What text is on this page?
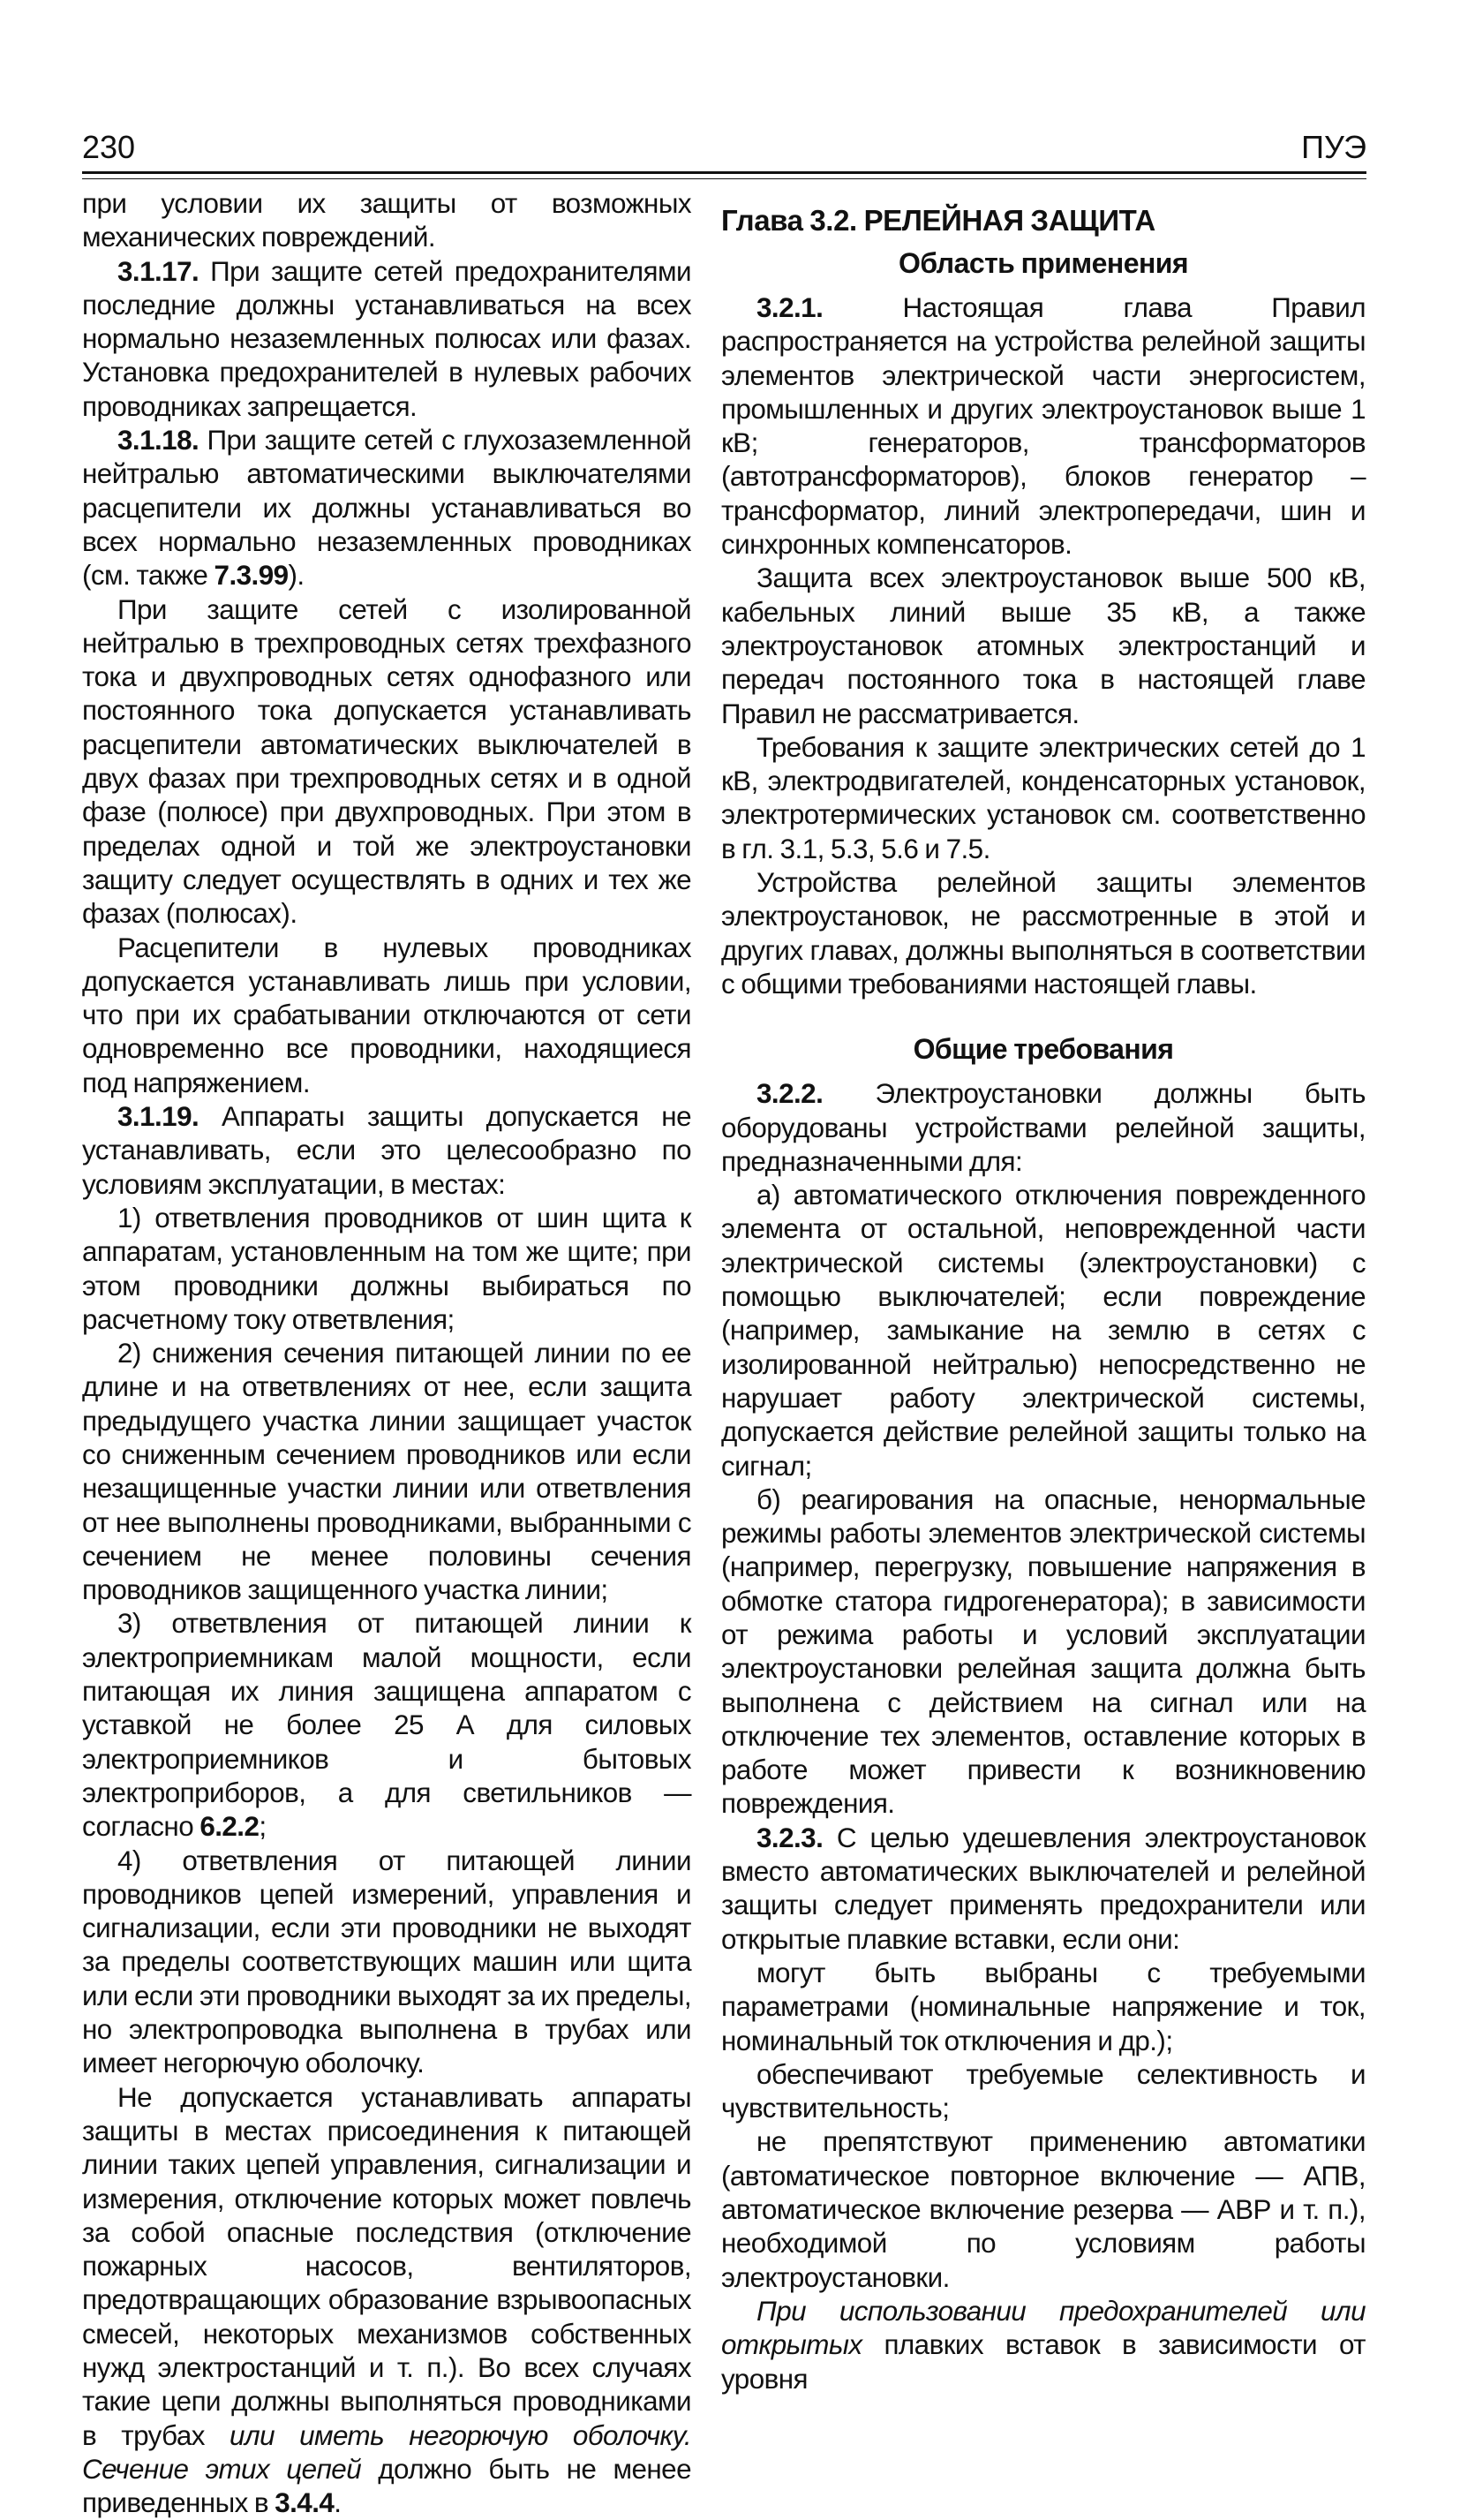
230	ПУЭ

при условии их защиты от возможных механических повреждений.

3.1.17. При защите сетей предохранителями последние должны устанавливаться на всех нормально незаземленных полюсах или фазах. Установка предохранителей в нулевых рабочих проводниках запрещается.

3.1.18. При защите сетей с глухозаземленной нейтралью автоматическими выключателями расцепители их должны устанавливаться во всех нормально незаземленных проводниках (см. также 7.3.99).

При защите сетей с изолированной нейтралью в трехпроводных сетях трехфазного тока и двухпроводных сетях однофазного или постоянного тока допускается устанавливать расцепители автоматических выключателей в двух фазах при трехпроводных сетях и в одной фазе (полюсе) при двухпроводных. При этом в пределах одной и той же электроустановки защиту следует осуществлять в одних и тех же фазах (полюсах).

Расцепители в нулевых проводниках допускается устанавливать лишь при условии, что при их срабатывании отключаются от сети одновременно все проводники, находящиеся под напряжением.

3.1.19. Аппараты защиты допускается не устанавливать, если это целесообразно по условиям эксплуатации, в местах:

1) ответвления проводников от шин щита к аппаратам, установленным на том же щите; при этом проводники должны выбираться по расчетному току ответвления;

2) снижения сечения питающей линии по ее длине и на ответвлениях от нее, если защита предыдущего участка линии защищает участок со сниженным сечением проводников или если незащищенные участки линии или ответвления от нее выполнены проводниками, выбранными с сечением не менее половины сечения проводников защищенного участка линии;

3) ответвления от питающей линии к электроприемникам малой мощности, если питающая их линия защищена аппаратом с уставкой не более 25 А для силовых электроприемников и бытовых электроприборов, а для светильников — согласно 6.2.2;

4) ответвления от питающей линии проводников цепей измерений, управления и сигнализации, если эти проводники не выходят за пределы соответствующих машин или щита или если эти проводники выходят за их пределы, но электропроводка выполнена в трубах или имеет негорючую оболочку.

Не допускается устанавливать аппараты защиты в местах присоединения к питающей линии таких цепей управления, сигнализации и измерения, отключение которых может повлечь за собой опасные последствия (отключение пожарных насосов, вентиляторов, предотвращающих образование взрывоопасных смесей, некоторых механизмов собственных нужд электростанций и т. п.). Во всех случаях такие цепи должны выполняться проводниками в трубах или иметь негорючую оболочку. Сечение этих цепей должно быть не менее приведенных в 3.4.4.

Глава 3.2. РЕЛЕЙНАЯ ЗАЩИТА
Область применения

3.2.1. Настоящая глава Правил распространяется на устройства релейной защиты элементов электрической части энергосистем, промышленных и других электроустановок выше 1 кВ; генераторов, трансформаторов (автотрансформаторов), блоков генератор – трансформатор, линий электропередачи, шин и синхронных компенсаторов.

Защита всех электроустановок выше 500 кВ, кабельных линий выше 35 кВ, а также электроустановок атомных электростанций и передач постоянного тока в настоящей главе Правил не рассматривается.

Требования к защите электрических сетей до 1 кВ, электродвигателей, конденсаторных установок, электротермических установок см. соответственно в гл. 3.1, 5.3, 5.6 и 7.5.

Устройства релейной защиты элементов электроустановок, не рассмотренные в этой и других главах, должны выполняться в соответствии с общими требованиями настоящей главы.

Общие требования

3.2.2. Электроустановки должны быть оборудованы устройствами релейной защиты, предназначенными для:

а) автоматического отключения поврежденного элемента от остальной, неповрежденной части электрической системы (электроустановки) с помощью выключателей; если повреждение (например, замыкание на землю в сетях с изолированной нейтралью) непосредственно не нарушает работу электрической системы, допускается действие релейной защиты только на сигнал;

б) реагирования на опасные, ненормальные режимы работы элементов электрической системы (например, перегрузку, повышение напряжения в обмотке статора гидрогенератора); в зависимости от режима работы и условий эксплуатации электроустановки релейная защита должна быть выполнена с действием на сигнал или на отключение тех элементов, оставление которых в работе может привести к возникновению повреждения.

3.2.3. С целью удешевления электроустановок вместо автоматических выключателей и релейной защиты следует применять предохранители или открытые плавкие вставки, если они:

могут быть выбраны с требуемыми параметрами (номинальные напряжение и ток, номинальный ток отключения и др.);

обеспечивают требуемые селективность и чувствительность;

не препятствуют применению автоматики (автоматическое повторное включение — АПВ, автоматическое включение резерва — АВР и т. п.), необходимой по условиям работы электроустановки.

При использовании предохранителей или открытых плавких вставок в зависимости от уровня
